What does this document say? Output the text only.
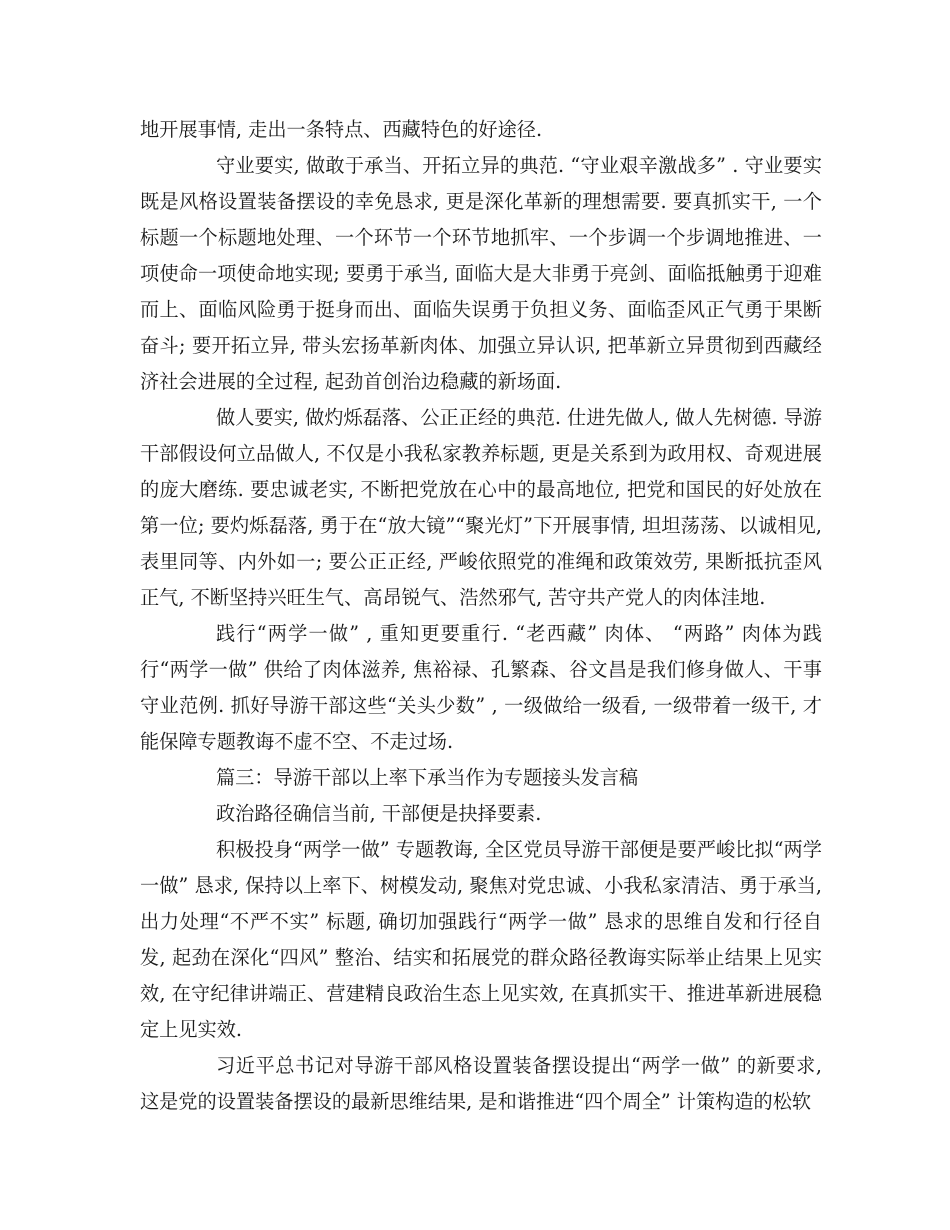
地开展事情, 走出一条特点、西藏特色的好途径.

守业要实, 做敢于承当、开拓立异的典范. “守业艰辛激战多” . 守业要实既是风格设置装备摆设的幸免恳求, 更是深化革新的理想需要. 要真抓实干, 一个标题一个标题地处理、一个环节一个环节地抓牢、一个步调一个步调地推进、一项使命一项使命地实现; 要勇于承当, 面临大是大非勇于亮剑、面临抵触勇于迎难而上、面临风险勇于挺身而出、面临失误勇于负担义务、面临歪风正气勇于果断奋斗; 要开拓立异, 带头宏扬革新肉体、加强立异认识, 把革新立异贯彻到西藏经济社会进展的全过程, 起劲首创治边稳藏的新场面.

做人要实, 做灼烁磊落、公正正经的典范. 仕进先做人, 做人先树德. 导游干部假设何立品做人, 不仅是小我私家教养标题, 更是关系到为政用权、奇观进展的庞大磨练. 要忠诚老实, 不断把党放在心中的最高地位, 把党和国民的好处放在第一位; 要灼烁磊落, 勇于在“放大镜”“聚光灯”下开展事情, 坦坦荡荡、以诚相见, 表里同等、内外如一; 要公正正经, 严峻依照党的准绳和政策效劳, 果断抵抗歪风正气, 不断坚持兴旺生气、高昂锐气、浩然邪气, 苦守共产党人的肉体洼地.

践行“两学一做” , 重知更要重行. “老西藏” 肉体、 “两路” 肉体为践行“两学一做” 供给了肉体滋养, 焦裕禄、孔繁森、谷文昌是我们修身做人、干事守业范例. 抓好导游干部这些“关头少数” , 一级做给一级看, 一级带着一级干, 才能保障专题教诲不虚不空、不走过场.

篇三：导游干部以上率下承当作为专题接头发言稿

政治路径确信当前, 干部便是抉择要素.

积极投身“两学一做” 专题教诲, 全区党员导游干部便是要严峻比拟“两学一做” 恳求, 保持以上率下、树模发动, 聚焦对党忠诚、小我私家清洁、勇于承当, 出力处理“不严不实” 标题, 确切加强践行“两学一做” 恳求的思维自发和行径自发, 起劲在深化“四风” 整治、结实和拓展党的群众路径教诲实际举止结果上见实效, 在守纪律讲端正、营建精良政治生态上见实效, 在真抓实干、推进革新进展稳定上见实效.

习近平总书记对导游干部风格设置装备摆设提出“两学一做” 的新要求, 这是党的设置装备摆设的最新思维结果, 是和谐推进“四个周全” 计策构造的松软
